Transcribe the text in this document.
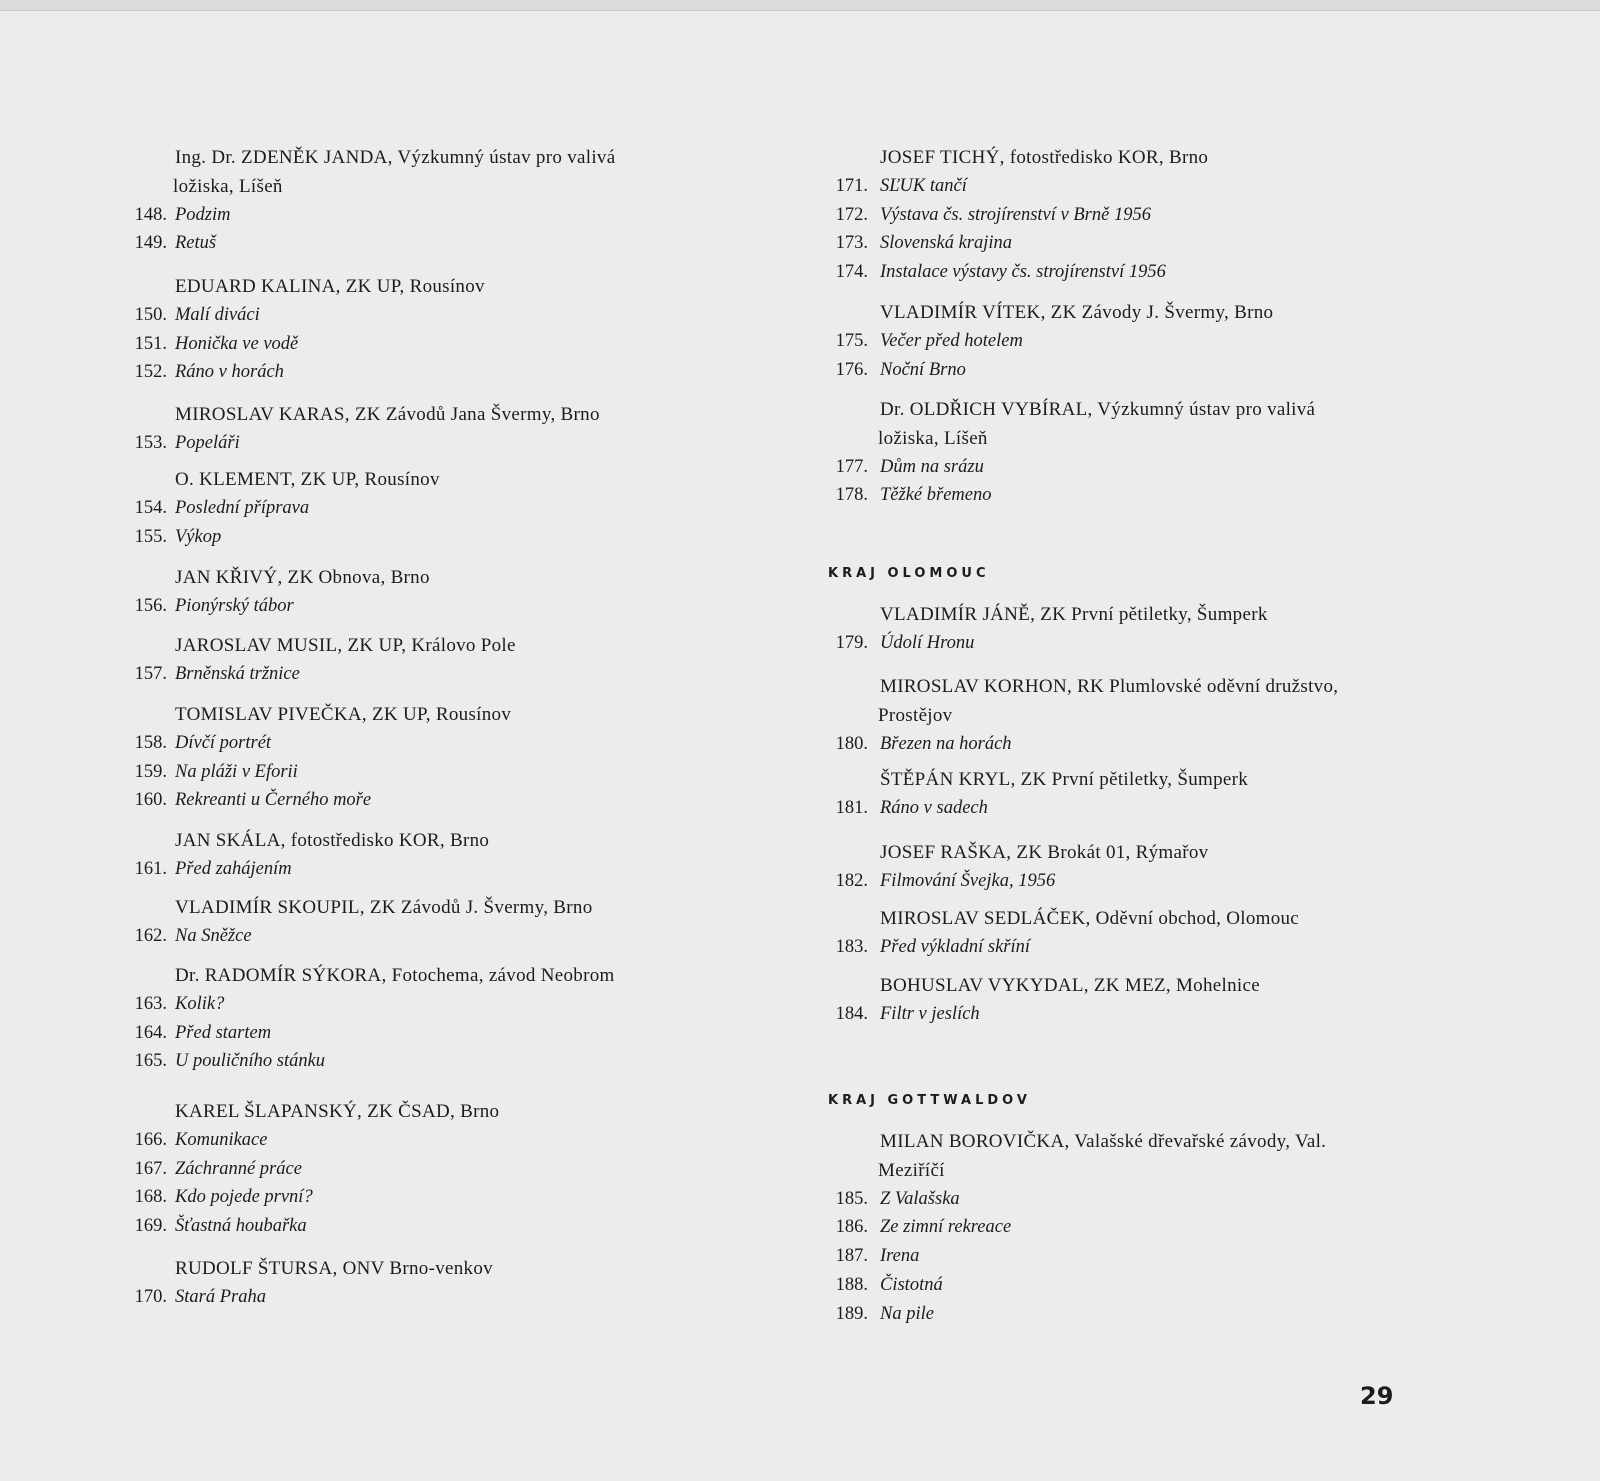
Ing. Dr. ZDENĚK JANDA, Výzkumný ústav pro valivá
ložiska, Líšeň
148. Podzim
149. Retuš
EDUARD KALINA, ZK UP, Rousínov
150. Malí diváci
151. Honička ve vodě
152. Ráno v horách
MIROSLAV KARAS, ZK Závodů Jana Švermy, Brno
153. Popeláři
O. KLEMENT, ZK UP, Rousínov
154. Poslední příprava
155. Výkop
JAN KŘIVÝ, ZK Obnova, Brno
156. Pionýrský tábor
JAROSLAV MUSIL, ZK UP, Královo Pole
157. Brněnská tržnice
TOMISLAV PIVEČKA, ZK UP, Rousínov
158. Dívčí portrét
159. Na pláži v Eforii
160. Rekreanti u Černého moře
JAN SKÁLA, fotostředisko KOR, Brno
161. Před zahájením
VLADIMÍR SKOUPIL, ZK Závodů J. Švermy, Brno
162. Na Sněžce
Dr. RADOMÍR SÝKORA, Fotochema, závod Neobrom
163. Kolik?
164. Před startem
165. U pouličního stánku
KAREL ŠLAPANSKÝ, ZK ČSAD, Brno
166. Komunikace
167. Záchranné práce
168. Kdo pojede první?
169. Šťastná houbařka
RUDOLF ŠTURSA, ONV Brno-venkov
170. Stará Praha
JOSEF TICHÝ, fotostředisko KOR, Brno
171. SĽUK tančí
172. Výstava čs. strojírenství v Brně 1956
173. Slovenská krajina
174. Instalace výstavy čs. strojírenství 1956
VLADIMÍR VÍTEK, ZK Závody J. Švermy, Brno
175. Večer před hotelem
176. Noční Brno
Dr. OLDŘICH VYBÍRAL, Výzkumný ústav pro valivá
ložiska, Líšeň
177. Dům na srázu
178. Těžké břemeno
KRAJ OLOMOUC
VLADIMÍR JÁNĚ, ZK První pětiletky, Šumperk
179. Údolí Hronu
MIROSLAV KORHON, RK Plumlovské oděvní družstvo,
Prostějov
180. Březen na horách
ŠTĚPÁN KRYL, ZK První pětiletky, Šumperk
181. Ráno v sadech
JOSEF RAŠKA, ZK Brokát 01, Rýmařov
182. Filmování Švejka, 1956
MIROSLAV SEDLÁČEK, Oděvní obchod, Olomouc
183. Před výkladní skříní
BOHUSLAV VYKYDAL, ZK MEZ, Mohelnice
184. Filtr v jeslích
KRAJ GOTTWALDOV
MILAN BOROVIČKA, Valašské dřevařské závody, Val.
Meziříčí
185. Z Valašska
186. Ze zimní rekreace
187. Irena
188. Čistotná
189. Na pile
29
